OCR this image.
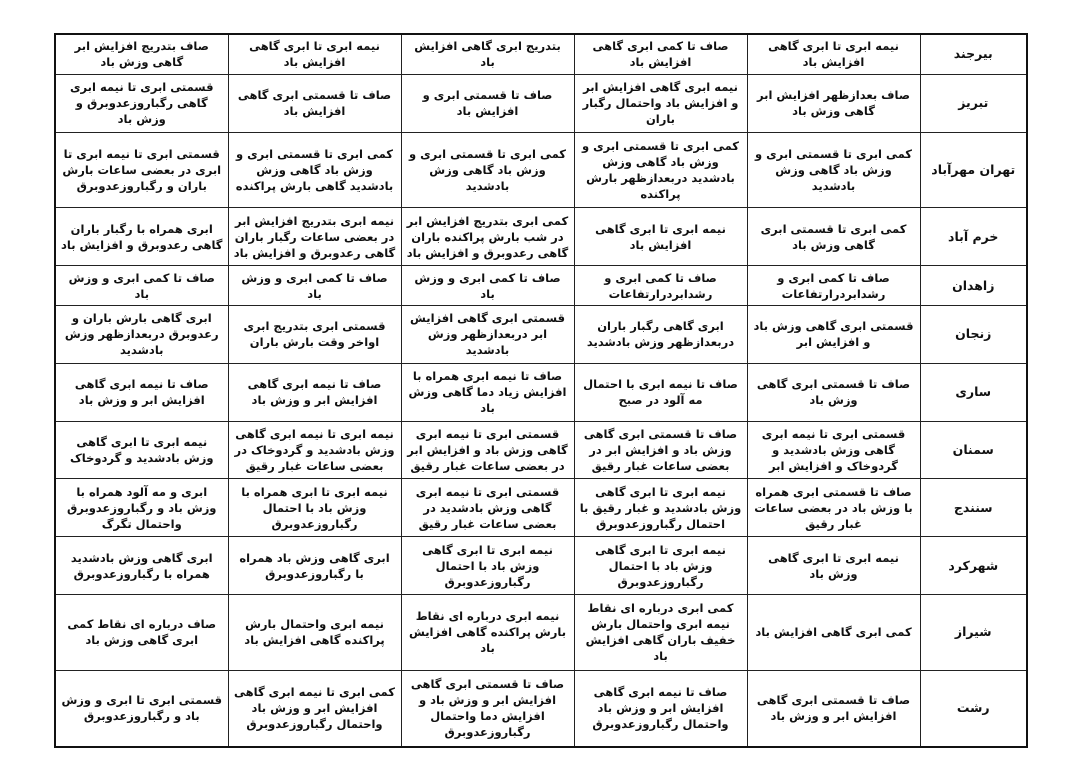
بیرجند	نیمه ابری تا ابری گاهی افزایش باد	صاف تا کمی ابری گاهی افزایش باد	بتدریج ابری گاهی افزایش باد	نیمه ابری تا ابری گاهی افزایش باد	صاف بتدریج افزایش ابر گاهی وزش باد
تبریز	صاف بعدازظهر افزایش ابر گاهی وزش باد	نیمه ابری گاهی افزایش ابر و افزایش باد واحتمال رگبار باران	صاف تا قسمتی ابری و افزایش باد	صاف تا قسمتی ابری گاهی افزایش باد	قسمتی ابری تا نیمه ابری گاهی رگباروزعدوبرق و وزش باد
تهران مهرآباد	کمی ابری تا قسمتی ابری و وزش باد گاهی وزش بادشدید	کمی ابری تا قسمتی ابری و وزش باد گاهی وزش بادشدید دربعدازظهر بارش پراکنده	کمی ابری تا قسمتی ابری و وزش باد گاهی وزش بادشدید	کمی ابری تا قسمتی ابری و وزش باد گاهی وزش بادشدید گاهی بارش پراکنده	قسمتی ابری تا نیمه ابری تا ابری در بعضی ساعات بارش باران و رگباروزعدوبرق
خرم آباد	کمی ابری تا قسمتی ابری گاهی وزش باد	نیمه ابری تا ابری گاهی افزایش باد	کمی ابری بتدریج افزایش ابر در شب بارش پراکنده باران گاهی رعدوبرق و افزایش باد	نیمه ابری بتدریج افزایش ابر در بعضی ساعات رگبار باران گاهی رعدوبرق و افزایش باد	ابری همراه با رگبار باران گاهی رعدوبرق و افزایش باد
زاهدان	صاف تا کمی ابری و رشدابردرارتفاعات	صاف تا کمی ابری و رشدابردرارتفاعات	صاف تا کمی ابری و وزش باد	صاف تا کمی ابری و وزش باد	صاف تا کمی ابری و وزش باد
زنجان	قسمتی ابری گاهی وزش باد و افزایش ابر	ابری گاهی رگبار باران دربعدازظهر وزش بادشدید	قسمتی ابری گاهی افزایش ابر دربعدازظهر وزش بادشدید	قسمتی ابری بتدریج ابری اواخر وقت بارش باران	ابری گاهی بارش باران و رعدوبرق دربعدازظهر وزش بادشدید
ساری	صاف تا قسمتی ابری گاهی وزش باد	صاف تا نیمه ابری با احتمال مه آلود در صبح	صاف تا نیمه ابری همراه با افزایش زیاد دما گاهی وزش باد	صاف تا نیمه ابری گاهی افزایش ابر و وزش باد	صاف تا نیمه ابری گاهی افزایش ابر و وزش باد
سمنان	قسمتی ابری تا نیمه ابری گاهی وزش بادشدید و گردوخاک و افزایش ابر	صاف تا قسمتی ابری گاهی وزش باد و افزایش ابر در بعضی ساعات غبار رقیق	قسمتی ابری تا نیمه ابری گاهی وزش باد و افزایش ابر در بعضی ساعات غبار رقیق	نیمه ابری تا نیمه ابری گاهی وزش بادشدید و گردوخاک در بعضی ساعات غبار رقیق	نیمه ابری تا ابری گاهی وزش بادشدید و گردوخاک
سنندج	صاف تا قسمتی ابری همراه با وزش باد در بعضی ساعات غبار رقیق	نیمه ابری تا ابری گاهی وزش بادشدید و غبار رقیق با احتمال رگباروزعدوبرق	قسمتی ابری تا نیمه ابری گاهی وزش بادشدید در بعضی ساعات غبار رقیق	نیمه ابری تا ابری همراه با وزش باد با احتمال رگباروزعدوبرق	ابری و مه آلود همراه با وزش باد و رگباروزعدوبرق واحتمال تگرگ
شهرکرد	نیمه ابری تا ابری گاهی وزش باد	نیمه ابری تا ابری گاهی وزش باد با احتمال رگباروزعدوبرق	نیمه ابری تا ابری گاهی وزش باد با احتمال رگباروزعدوبرق	ابری گاهی وزش باد همراه با رگباروزعدوبرق	ابری گاهی وزش بادشدید همراه با رگباروزعدوبرق
شیراز	کمی ابری گاهی افزایش باد	کمی ابری درباره ای نقاط نیمه ابری واحتمال بارش خفیف باران گاهی افزایش باد	نیمه ابری درباره ای نقاط بارش پراکنده گاهی افزایش باد	نیمه ابری واحتمال بارش پراکنده گاهی افزایش باد	صاف درباره ای نقاط کمی ابری گاهی وزش باد
رشت	صاف تا قسمتی ابری گاهی افزایش ابر و وزش باد	صاف تا نیمه ابری گاهی افزایش ابر و وزش باد واحتمال رگباروزعدوبرق	صاف تا قسمتی ابری گاهی افزایش ابر و وزش باد و افزایش دما واحتمال رگباروزعدوبرق	کمی ابری تا نیمه ابری گاهی افزایش ابر و وزش باد واحتمال رگباروزعدوبرق	قسمتی ابری تا ابری و وزش باد و رگباروزعدوبرق
